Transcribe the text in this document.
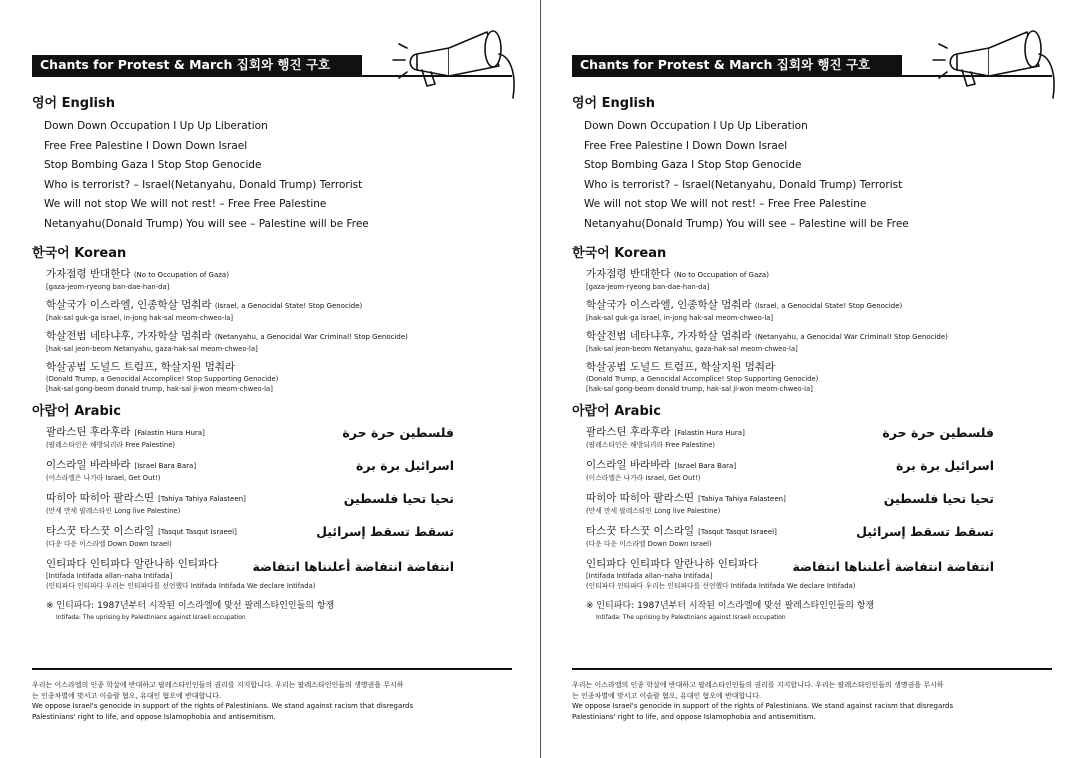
Chants for Protest & March 집회와 행진 구호
영어 English
Down Down Occupation I Up Up Liberation
Free Free Palestine I Down Down Israel
Stop Bombing Gaza I Stop Stop Genocide
Who is terrorist? – Israel(Netanyahu, Donald Trump) Terrorist
We will not stop We will not rest! – Free Free Palestine
Netanyahu(Donald Trump) You will see – Palestine will be Free
한국어 Korean
가자점령 반대한다 (No to Occupation of Gaza)
[gaza-jeom-ryeong ban-dae-han-da]
학살국가 이스라엘, 인종학살 멈춰라 (Israel, a Genocidal State! Stop Genocide)
[hak-sal guk-ga israel, in-jong hak-sal meom-chweo-la]
학살전범 네타냐후, 가자학살 멈춰라 (Netanyahu, a Genocidal War Criminal! Stop Genocide)
[hak-sal jeon-beom Netanyahu, gaza-hak-sal meom-chweo-la]
학살공범 도널드 트럼프, 학살지원 멈춰라
(Donald Trump, a Genocidal Accomplice! Stop Supporting Genocide)
[hak-sal gong-beom donald trump, hak-sal ji-won meom-chweo-la]
아랍어 Arabic
팔라스틴 후라후라 [Falastin Hura Hura]
(팔레스타인은 해방되리라 Free Palestine)
فلسطين حرة حرة
이스라일 바라바라 [Israel Bara Bara]
(이스라엘은 나가라 Israel, Get Out!)
اسرائيل برة برة
따히아 따히아 팔라스띤 [Tahiya Tahiya Falasteen]
(만세 만세 팔레스타인 Long live Palestine)
تحيا تحيا فلسطين
타스꿋 타스꿋 이스라일 [Tasqut Tasqut Israeel]
(다운 다운 이스라엘 Down Down Israel)
تسقط تسقط إسرائيل
인티파다 인티파다 알란나하 인티파다
[Intifada Intifada allan–naha Intifada]
(인티파다 인티파다 우리는 인티파다를 선언했다 Intifada Intifada We declare Intifada)
انتفاضة انتفاضة أعلنناها انتفاضة
※ 인티파다: 1987년부터 시작된 이스라엘에 맞선 팔레스타인인들의 항쟁
Intifada: The uprising by Palestinians against Israeli occupation
우리는 이스라엘의 인종 학살에 반대하고 팔레스타인인들의 권리를 지지합니다. 우리는 팔레스타인인들의 생명권을 무시하
는 인종차별에 맞서고 이슬람 혐오, 유대인 혐오에 반대합니다.
We oppose Israel's genocide in support of the rights of Palestinians. We stand against racism that disregards
Palestinians' right to life, and oppose Islamophobia and antisemitism.
Chants for Protest & March 집회와 행진 구호
영어 English
Down Down Occupation I Up Up Liberation
Free Free Palestine I Down Down Israel
Stop Bombing Gaza I Stop Stop Genocide
Who is terrorist? – Israel(Netanyahu, Donald Trump) Terrorist
We will not stop We will not rest! – Free Free Palestine
Netanyahu(Donald Trump) You will see – Palestine will be Free
한국어 Korean
가자점령 반대한다 (No to Occupation of Gaza)
[gaza-jeom-ryeong ban-dae-han-da]
학살국가 이스라엘, 인종학살 멈춰라 (Israel, a Genocidal State! Stop Genocide)
[hak-sal guk-ga israel, in-jong hak-sal meom-chweo-la]
학살전범 네타냐후, 가자학살 멈춰라 (Netanyahu, a Genocidal War Criminal! Stop Genocide)
[hak-sal jeon-beom Netanyahu, gaza-hak-sal meom-chweo-la]
학살공범 도널드 트럼프, 학살지원 멈춰라
(Donald Trump, a Genocidal Accomplice! Stop Supporting Genocide)
[hak-sal gong-beom donald trump, hak-sal ji-won meom-chweo-la]
아랍어 Arabic
팔라스틴 후라후라 [Falastin Hura Hura]
(팔레스타인은 해방되리라 Free Palestine)
فلسطين حرة حرة
이스라일 바라바라 [Israel Bara Bara]
(이스라엘은 나가라 Israel, Get Out!)
اسرائيل برة برة
따히아 따히아 팔라스띤 [Tahiya Tahiya Falasteen]
(만세 만세 팔레스타인 Long live Palestine)
تحيا تحيا فلسطين
타스꿋 타스꿋 이스라일 [Tasqut Tasqut Israeel]
(다운 다운 이스라엘 Down Down Israel)
تسقط تسقط إسرائيل
인티파다 인티파다 알란나하 인티파다
[Intifada Intifada allan–naha Intifada]
(인티파다 인티파다 우리는 인티파다를 선언했다 Intifada Intifada We declare Intifada)
انتفاضة انتفاضة أعلنناها انتفاضة
※ 인티파다: 1987년부터 시작된 이스라엘에 맞선 팔레스타인인들의 항쟁
Intifada: The uprising by Palestinians against Israeli occupation
우리는 이스라엘의 인종 학살에 반대하고 팔레스타인인들의 권리를 지지합니다. 우리는 팔레스타인인들의 생명권을 무시하
는 인종차별에 맞서고 이슬람 혐오, 유대인 혐오에 반대합니다.
We oppose Israel's genocide in support of the rights of Palestinians. We stand against racism that disregards
Palestinians' right to life, and oppose Islamophobia and antisemitism.
